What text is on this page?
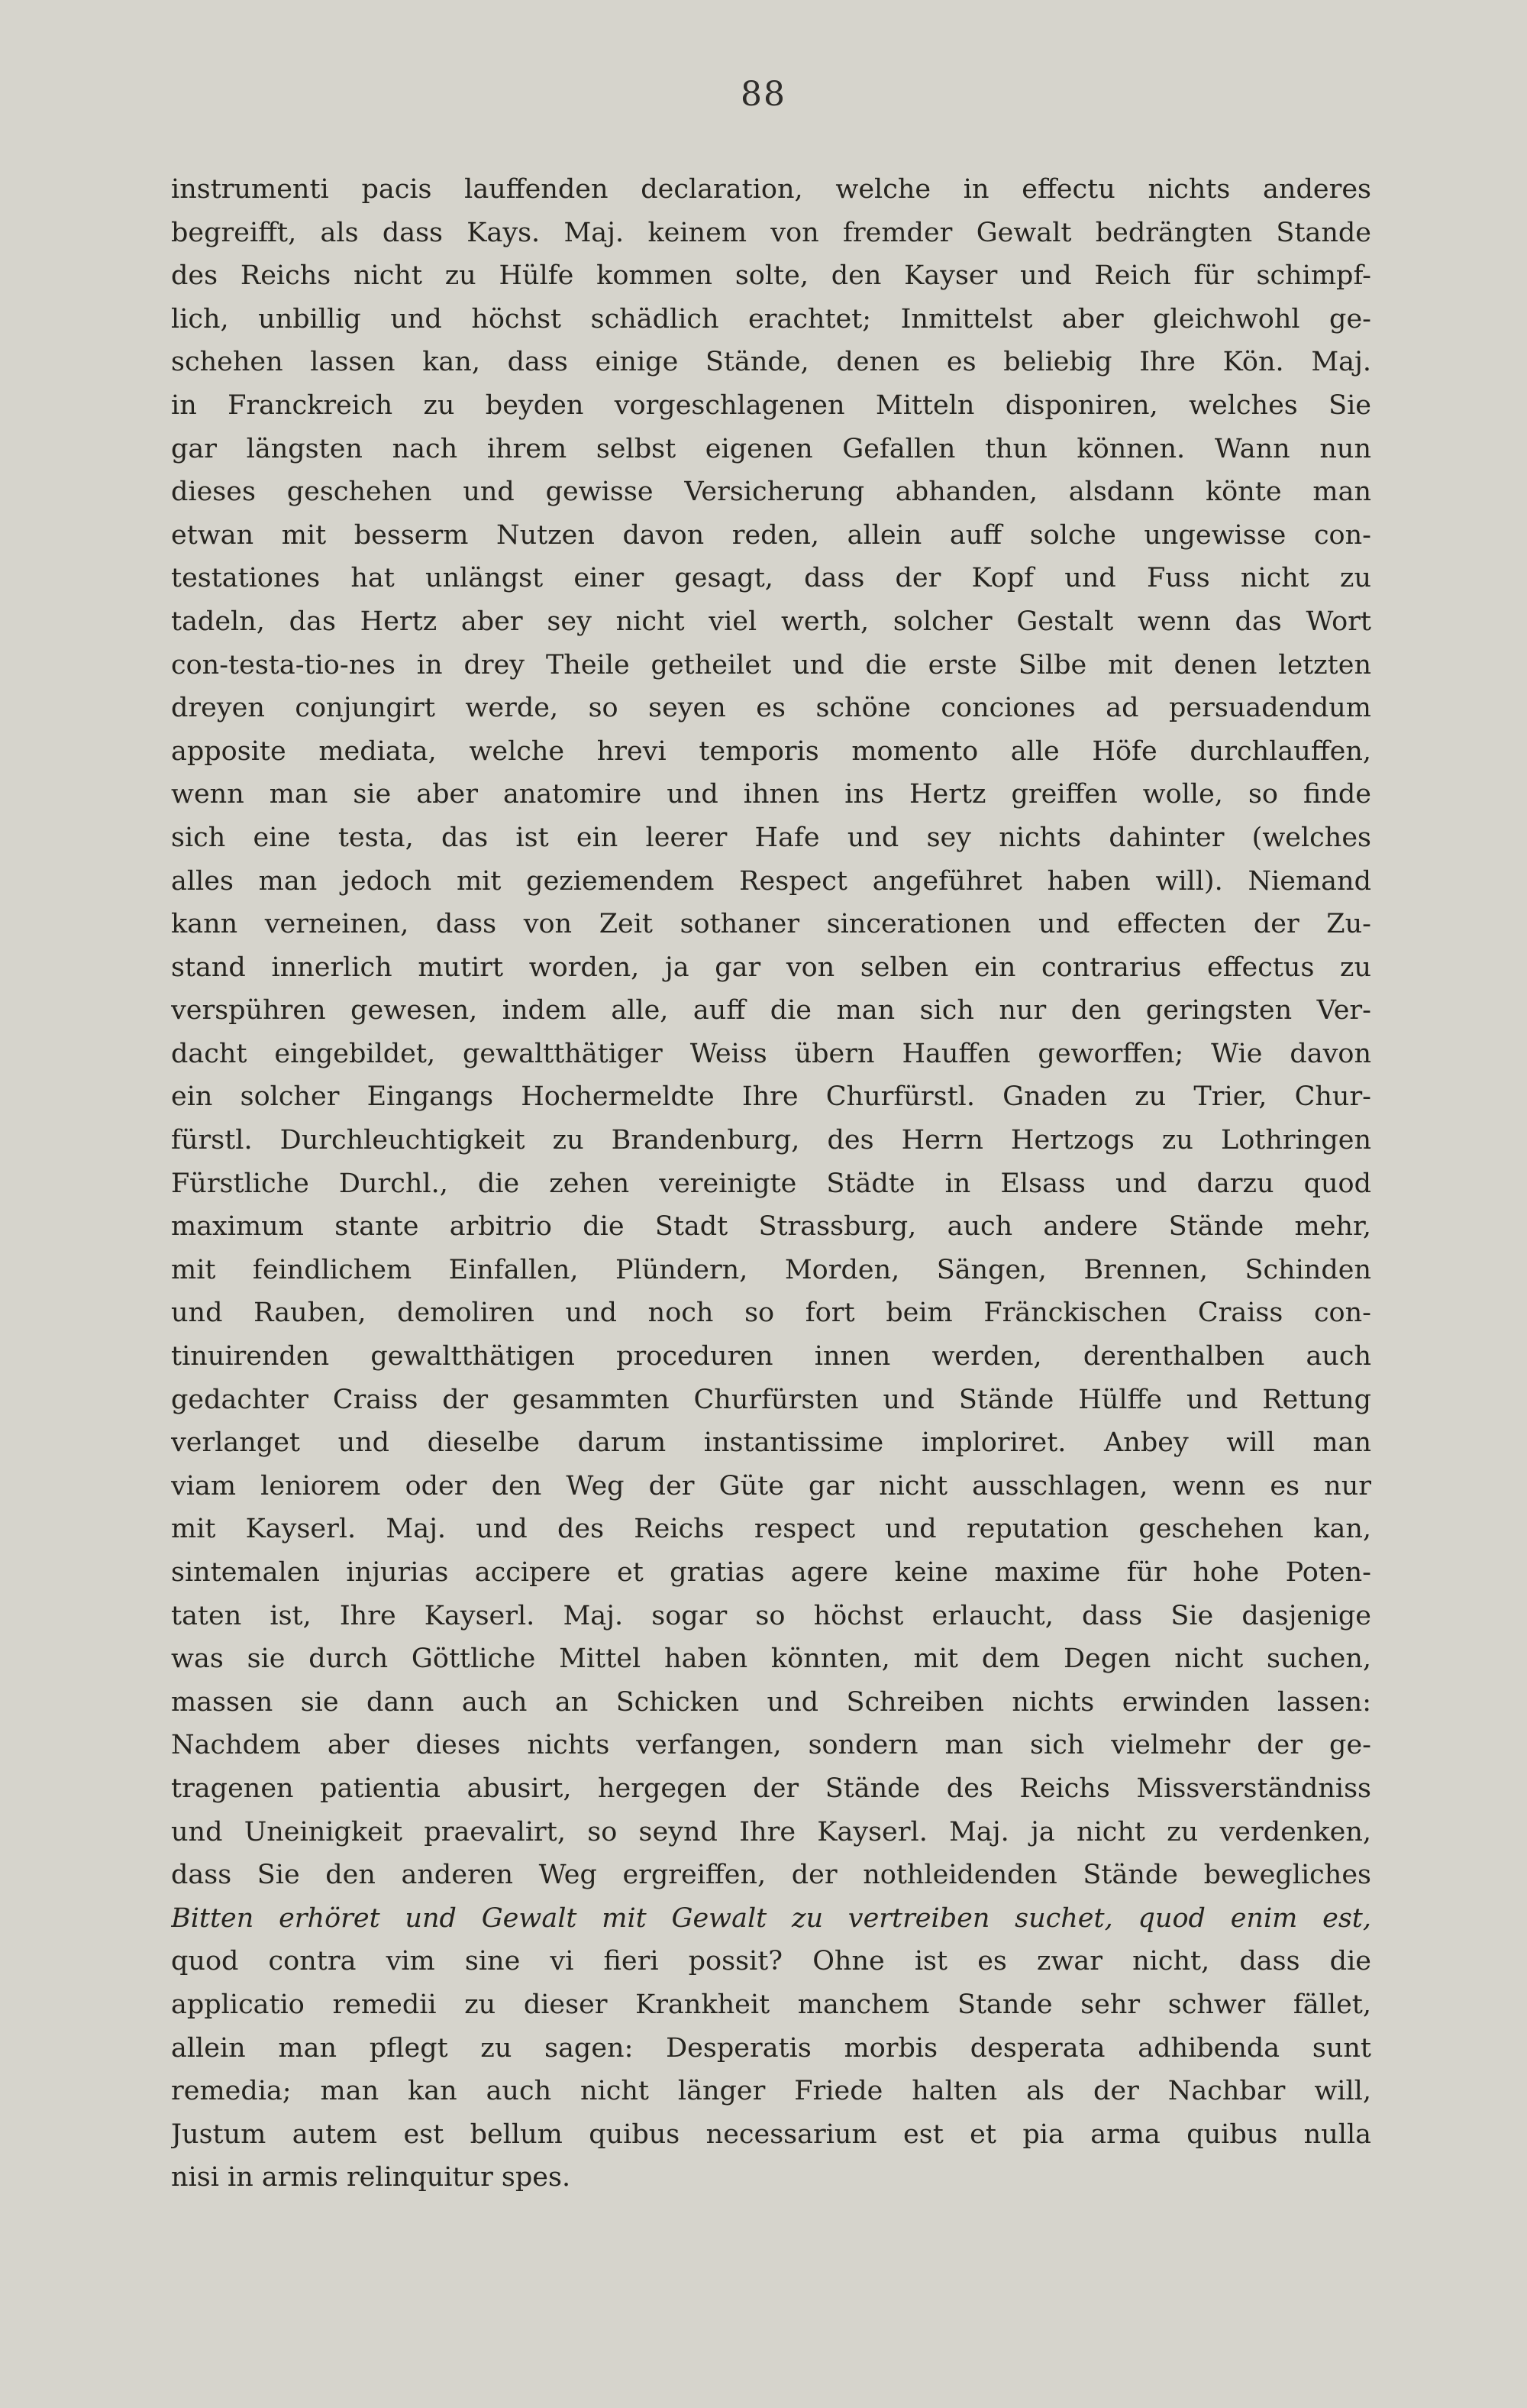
88
instrumenti pacis lauffenden declaration, welche in effectu nichts anderes
begreifft, als dass Kays. Maj. keinem von fremder Gewalt bedrängten Stande
des Reichs nicht zu Hülfe kommen solte, den Kayser und Reich für schimpf-
lich, unbillig und höchst schädlich erachtet; Inmittelst aber gleichwohl ge-
schehen lassen kan, dass einige Stände, denen es beliebig Ihre Kön. Maj.
in Franckreich zu beyden vorgeschlagenen Mitteln disponiren, welches Sie
gar längsten nach ihrem selbst eigenen Gefallen thun können. Wann nun
dieses geschehen und gewisse Versicherung abhanden, alsdann könte man
etwan mit besserm Nutzen davon reden, allein auff solche ungewisse con-
testationes hat unlängst einer gesagt, dass der Kopf und Fuss nicht zu
tadeln, das Hertz aber sey nicht viel werth, solcher Gestalt wenn das Wort
con-testa-tio-nes in drey Theile getheilet und die erste Silbe mit denen letzten
dreyen conjungirt werde, so seyen es schöne conciones ad persuadendum
apposite mediata, welche hrevi temporis momento alle Höfe durchlauffen,
wenn man sie aber anatomire und ihnen ins Hertz greiffen wolle, so finde
sich eine testa, das ist ein leerer Hafe und sey nichts dahinter (welches
alles man jedoch mit geziemendem Respect angeführet haben will). Niemand
kann verneinen, dass von Zeit sothaner sincerationen und effecten der Zu-
stand innerlich mutirt worden, ja gar von selben ein contrarius effectus zu
verspühren gewesen, indem alle, auff die man sich nur den geringsten Ver-
dacht eingebildet, gewaltthätiger Weiss übern Hauffen geworffen; Wie davon
ein solcher Eingangs Hochermeldte Ihre Churfürstl. Gnaden zu Trier, Chur-
fürstl. Durchleuchtigkeit zu Brandenburg, des Herrn Hertzogs zu Lothringen
Fürstliche Durchl., die zehen vereinigte Städte in Elsass und darzu quod
maximum stante arbitrio die Stadt Strassburg, auch andere Stände mehr,
mit feindlichem Einfallen, Plündern, Morden, Sängen, Brennen, Schinden
und Rauben, demoliren und noch so fort beim Fränckischen Craiss con-
tinuirenden gewaltthätigen proceduren innen werden, derenthalben auch
gedachter Craiss der gesammten Churfürsten und Stände Hülffe und Rettung
verlanget und dieselbe darum instantissime imploriret. Anbey will man
viam leniorem oder den Weg der Güte gar nicht ausschlagen, wenn es nur
mit Kayserl. Maj. und des Reichs respect und reputation geschehen kan,
sintemalen injurias accipere et gratias agere keine maxime für hohe Poten-
taten ist, Ihre Kayserl. Maj. sogar so höchst erlaucht, dass Sie dasjenige
was sie durch Göttliche Mittel haben könnten, mit dem Degen nicht suchen,
massen sie dann auch an Schicken und Schreiben nichts erwinden lassen:
Nachdem aber dieses nichts verfangen, sondern man sich vielmehr der ge-
tragenen patientia abusirt, hergegen der Stände des Reichs Missverständniss
und Uneinigkeit praevalirt, so seynd Ihre Kayserl. Maj. ja nicht zu verdenken,
dass Sie den anderen Weg ergreiffen, der nothleidenden Stände bewegliches
Bitten erhöret und Gewalt mit Gewalt zu vertreiben suchet, quod enim est,
quod contra vim sine vi fieri possit? Ohne ist es zwar nicht, dass die
applicatio remedii zu dieser Krankheit manchem Stande sehr schwer fället,
allein man pflegt zu sagen: Desperatis morbis desperata adhibenda sunt
remedia; man kan auch nicht länger Friede halten als der Nachbar will,
Justum autem est bellum quibus necessarium est et pia arma quibus nulla
nisi in armis relinquitur spes.
